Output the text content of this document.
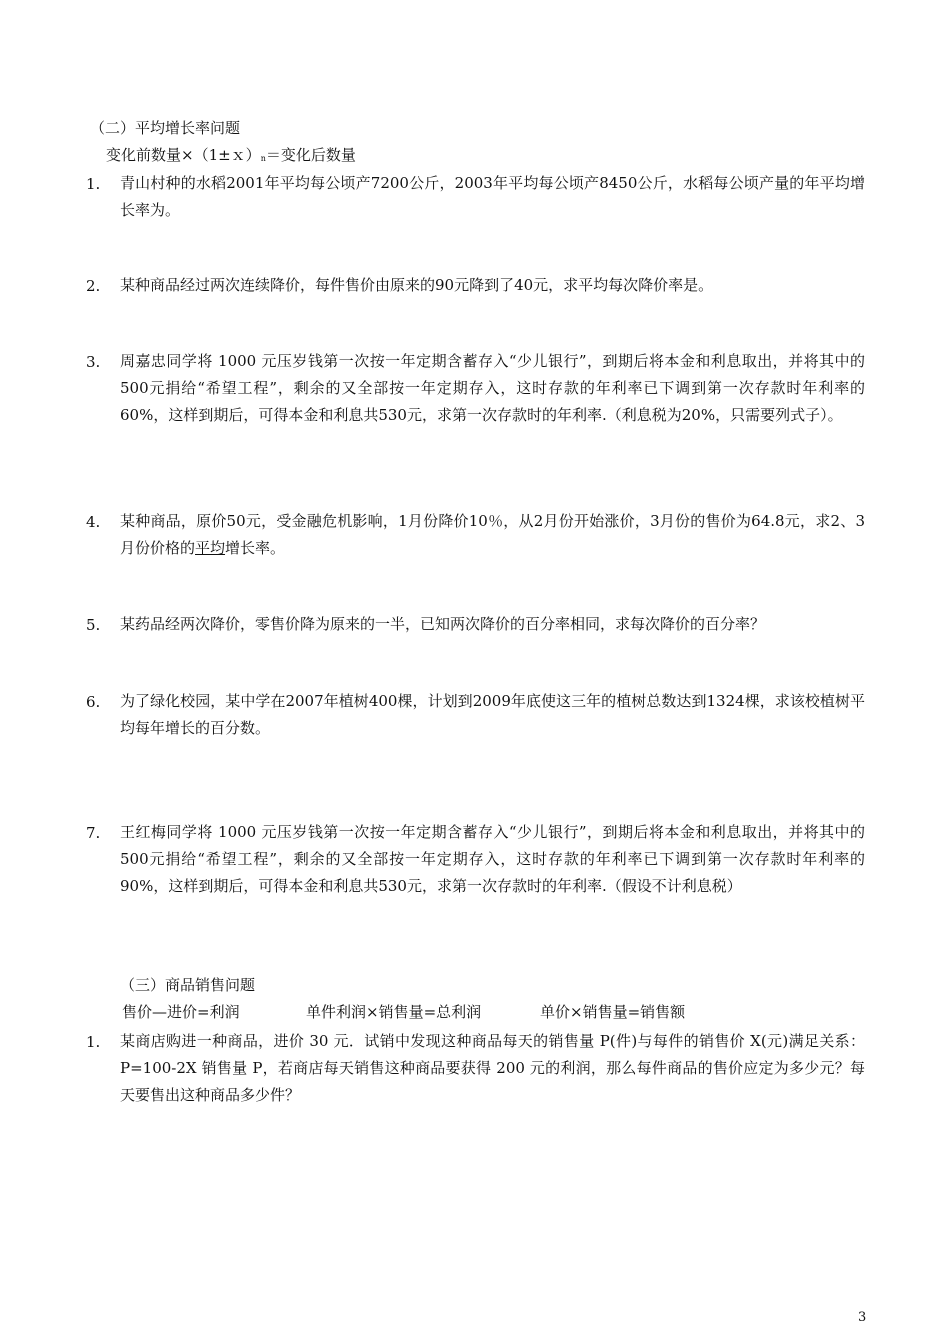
（二）平均增长率问题
变化前数量×（1±ｘ）n＝变化后数量
1. 青山村种的水稻2001年平均每公顷产7200公斤，2003年平均每公顷产8450公斤，水稻每公顷产量的年平均增长率为。
2. 某种商品经过两次连续降价，每件售价由原来的90元降到了40元，求平均每次降价率是。
3. 周嘉忠同学将 1000 元压岁钱第一次按一年定期含蓄存入“少儿银行”，到期后将本金和利息取出，并将其中的500元捐给“希望工程”，剩余的又全部按一年定期存入，这时存款的年利率已下调到第一次存款时年利率的60%，这样到期后，可得本金和利息共530元，求第一次存款时的年利率.（利息税为20%，只需要列式子）。
4. 某种商品，原价50元，受金融危机影响，1月份降价10％，从2月份开始涨价，3月份的售价为64.8元，求2、3月份价格的平均增长率。
5. 某药品经两次降价，零售价降为原来的一半，已知两次降价的百分率相同，求每次降价的百分率？
6. 为了绿化校园，某中学在2007年植树400棵，计划到2009年底使这三年的植树总数达到1324棵，求该校植树平均每年增长的百分数。
7. 王红梅同学将 1000 元压岁钱第一次按一年定期含蓄存入“少儿银行”，到期后将本金和利息取出，并将其中的500元捐给“希望工程”，剩余的又全部按一年定期存入，这时存款的年利率已下调到第一次存款时年利率的90%，这样到期后，可得本金和利息共530元，求第一次存款时的年利率.（假设不计利息税）
（三）商品销售问题
售价—进价=利润	单件利润×销售量=总利润	单价×销售量=销售额
1. 某商店购进一种商品，进价 30 元．试销中发现这种商品每天的销售量 P(件)与每件的销售价 X(元)满足关系：P=100-2X 销售量 P，若商店每天销售这种商品要获得 200 元的利润，那么每件商品的售价应定为多少元？每天要售出这种商品多少件？
3
